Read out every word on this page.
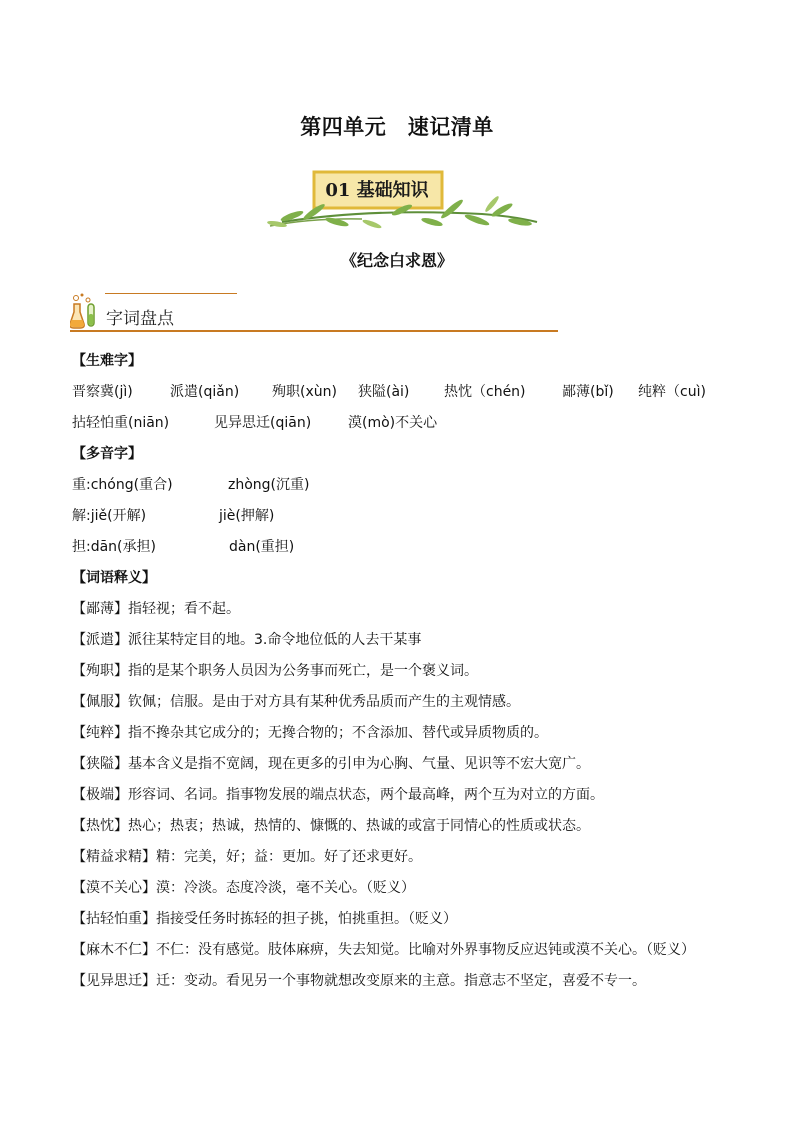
第四单元　速记清单
01 基础知识
《纪念白求恩》
字词盘点
【生难字】
晋察冀(jì)	派遣(qiǎn) 殉职(xùn) 狭隘(ài) 热忱（chén)	鄙薄(bǐ) 纯粹（cuì)
拈轻怕重(niān)	见异思迁(qiān)	漠(mò)不关心
【多音字】
重:chóng(重合)	zhòng(沉重)
解:jiě(开解)	jiè(押解)
担:dān(承担)	dàn(重担)
【词语释义】
【鄙薄】指轻视；看不起。
【派遣】派往某特定目的地。3.命令地位低的人去干某事
【殉职】指的是某个职务人员因为公务事而死亡，是一个褒义词。
【佩服】钦佩；信服。是由于对方具有某种优秀品质而产生的主观情感。
【纯粹】指不搀杂其它成分的；无搀合物的；不含添加、替代或异质物质的。
【狭隘】基本含义是指不宽阔，现在更多的引申为心胸、气量、见识等不宏大宽广。
【极端】形容词、名词。指事物发展的端点状态，两个最高峰，两个互为对立的方面。
【热忱】热心；热衷；热诚，热情的、慷慨的、热诚的或富于同情心的性质或状态。
【精益求精】精：完美，好；益：更加。好了还求更好。
【漠不关心】漠：冷淡。态度冷淡，毫不关心。（贬义）
【拈轻怕重】指接受任务时拣轻的担子挑，怕挑重担。（贬义）
【麻木不仁】不仁：没有感觉。肢体麻痹，失去知觉。比喻对外界事物反应迟钝或漠不关心。（贬义）
【见异思迁】迁：变动。看见另一个事物就想改变原来的主意。指意志不坚定，喜爱不专一。
